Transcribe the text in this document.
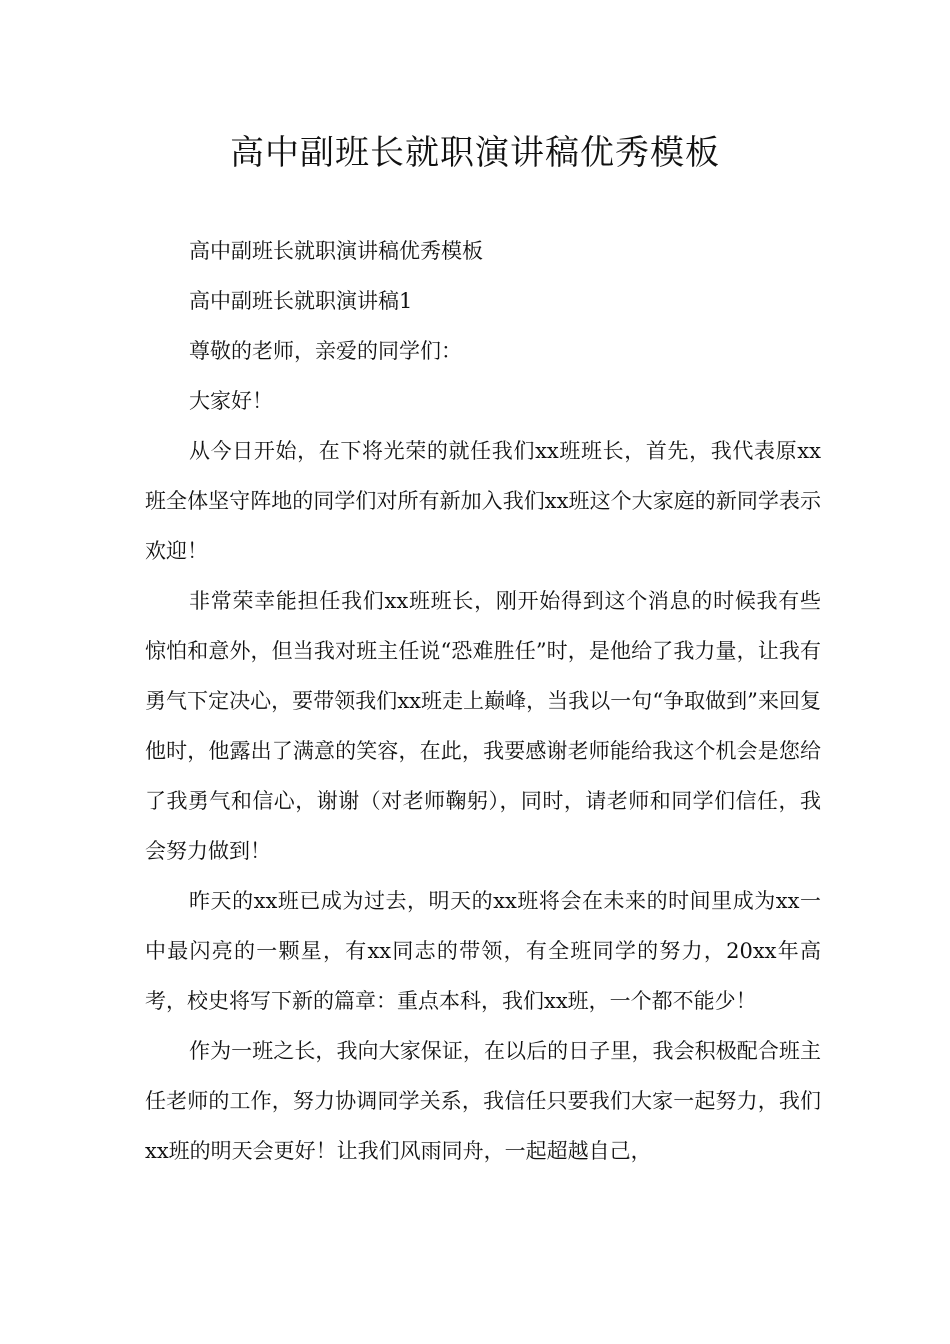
高中副班长就职演讲稿优秀模板

高中副班长就职演讲稿优秀模板

高中副班长就职演讲稿1

尊敬的老师，亲爱的同学们：

大家好！

从今日开始，在下将光荣的就任我们xx班班长，首先，我代表原xx班全体坚守阵地的同学们对所有新加入我们xx班这个大家庭的新同学表示欢迎！

非常荣幸能担任我们xx班班长，刚开始得到这个消息的时候我有些惊怕和意外，但当我对班主任说“恐难胜任”时，是他给了我力量，让我有勇气下定决心，要带领我们xx班走上巅峰，当我以一句“争取做到”来回复他时，他露出了满意的笑容，在此，我要感谢老师能给我这个机会是您给了我勇气和信心，谢谢（对老师鞠躬），同时，请老师和同学们信任，我会努力做到！

昨天的xx班已成为过去，明天的xx班将会在未来的时间里成为xx一中最闪亮的一颗星，有xx同志的带领，有全班同学的努力，20xx年高考，校史将写下新的篇章：重点本科，我们xx班，一个都不能少！

作为一班之长，我向大家保证，在以后的日子里，我会积极配合班主任老师的工作，努力协调同学关系，我信任只要我们大家一起努力，我们xx班的明天会更好！让我们风雨同舟，一起超越自己，
